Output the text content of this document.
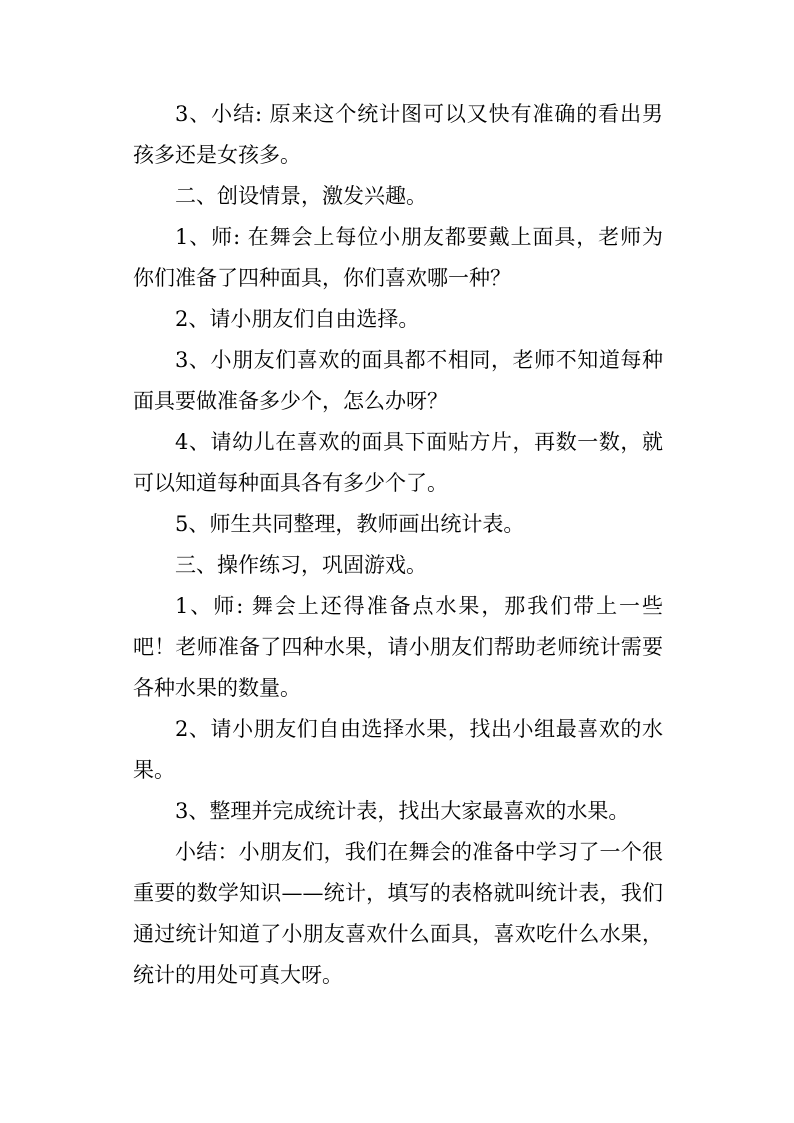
3、小结: 原来这个统计图可以又快有准确的看出男孩多还是女孩多。

二、创设情景，激发兴趣。

1、师: 在舞会上每位小朋友都要戴上面具，老师为你们准备了四种面具，你们喜欢哪一种？

2、请小朋友们自由选择。

3、小朋友们喜欢的面具都不相同，老师不知道每种面具要做准备多少个，怎么办呀？

4、请幼儿在喜欢的面具下面贴方片，再数一数，就可以知道每种面具各有多少个了。

5、师生共同整理，教师画出统计表。

三、操作练习，巩固游戏。

1、师: 舞会上还得准备点水果，那我们带上一些吧！老师准备了四种水果，请小朋友们帮助老师统计需要各种水果的数量。

2、请小朋友们自由选择水果，找出小组最喜欢的水果。

3、整理并完成统计表，找出大家最喜欢的水果。

小结：小朋友们，我们在舞会的准备中学习了一个很重要的数学知识——统计，填写的表格就叫统计表，我们通过统计知道了小朋友喜欢什么面具，喜欢吃什么水果，统计的用处可真大呀。
